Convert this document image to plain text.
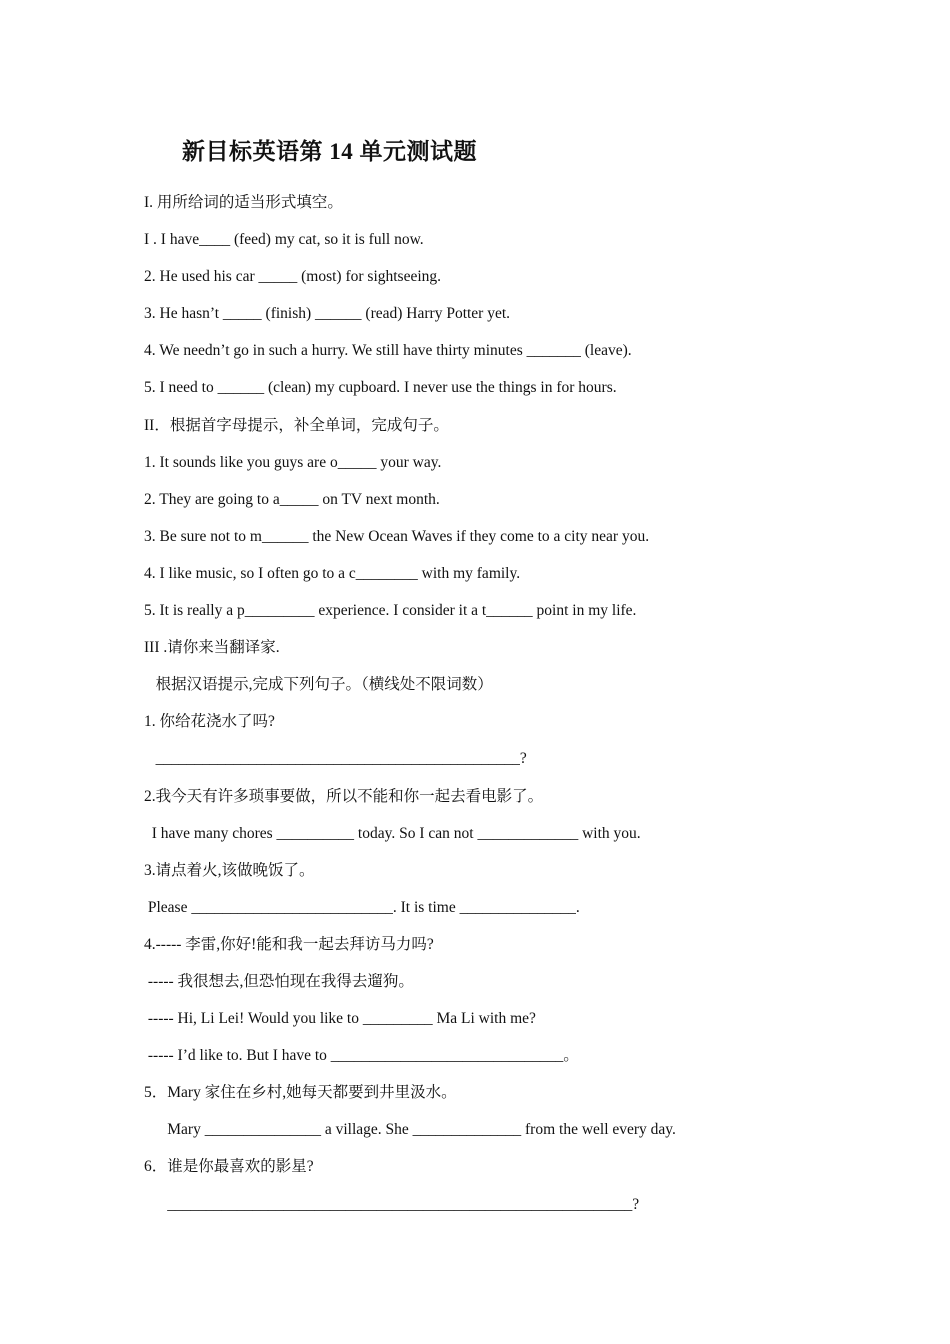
新目标英语第 14 单元测试题
I. 用所给词的适当形式填空。
I . I have____ (feed) my cat, so it is full now.
2. He used his car _____ (most) for sightseeing.
3. He hasn’t _____ (finish) ______ (read) Harry Potter yet.
4. We needn’t go in such a hurry. We still have thirty minutes _______ (leave).
5. I need to ______ (clean) my cupboard. I never use the things in for hours.
II．根据首字母提示，补全单词，完成句子。
1. It sounds like you guys are o_____ your way.
2. They are going to a_____ on TV next month.
3. Be sure not to m______ the New Ocean Waves if they come to a city near you.
4. I like music, so I often go to a c________ with my family.
5. It is really a p_________ experience. I consider it a t______ point in my life.
III .请你来当翻译家.
根据汉语提示,完成下列句子。（横线处不限词数）
1. 你给花浇水了吗?
_______________________________________________?
2.我今天有许多琐事要做，所以不能和你一起去看电影了。
I have many chores __________ today. So I can not _____________ with you.
3.请点着火,该做晚饭了。
Please __________________________. It is time _______________.
4.----- 李雷,你好!能和我一起去拜访马力吗?
----- 我很想去,但恐怕现在我得去遛狗。
----- Hi, Li Lei! Would you like to _________ Ma Li with me?
----- I’d like to. But I have to ______________________________。
5．Mary 家住在乡村,她每天都要到井里汲水。
Mary _______________ a village. She ______________ from the well every day.
6．谁是你最喜欢的影星?
____________________________________________________________?
